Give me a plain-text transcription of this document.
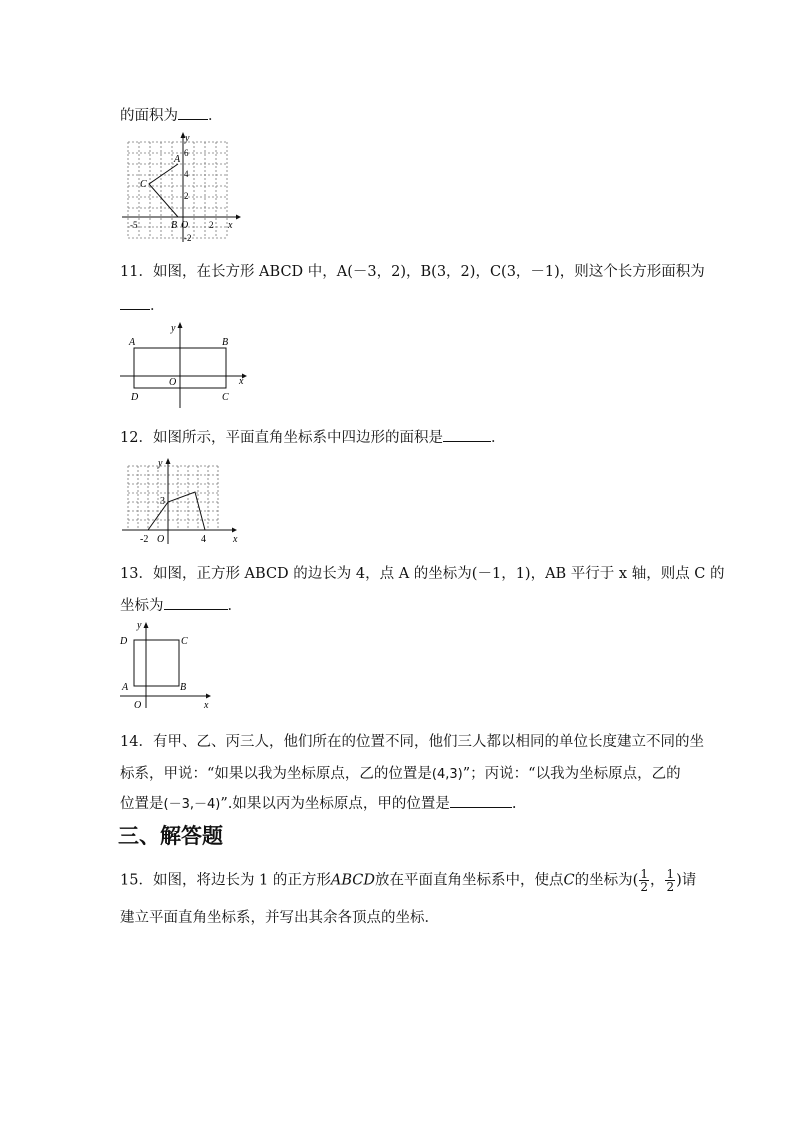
的面积为 ．
A
C
B O	x
y
6
4
2
-2
-5	2
11．如图，在长方形 ABCD 中，A(－3，2)，B(3，2)，C(3，－1)，则这个长方形面积为
．
A	B
C
D
O	x
y
12．如图所示，平面直角坐标系中四边形的面积是	．
3
-2 O	4	x
y
13．如图，正方形 ABCD 的边长为 4，点 A 的坐标为(－1，1)，AB 平行于 x 轴，则点 C 的
坐标为	．
A	B
C
D
O	x
y
14．有甲、乙、丙三人，他们所在的位置不同，他们三人都以相同的单位长度建立不同的坐
标系，甲说：“如果以我为坐标原点，乙的位置是(4,3)”；丙说：“以我为坐标原点，乙的
位置是(－3,－4)”.如果以丙为坐标原点，甲的位置是	.
三、解答题
15．如图，将边长为 1 的正方形ABCD放在平面直角坐标系中，使点C的坐标为( $\frac{1}{2}$ ， $\frac{1}{2}$ )请
建立平面直角坐标系，并写出其余各顶点的坐标．
